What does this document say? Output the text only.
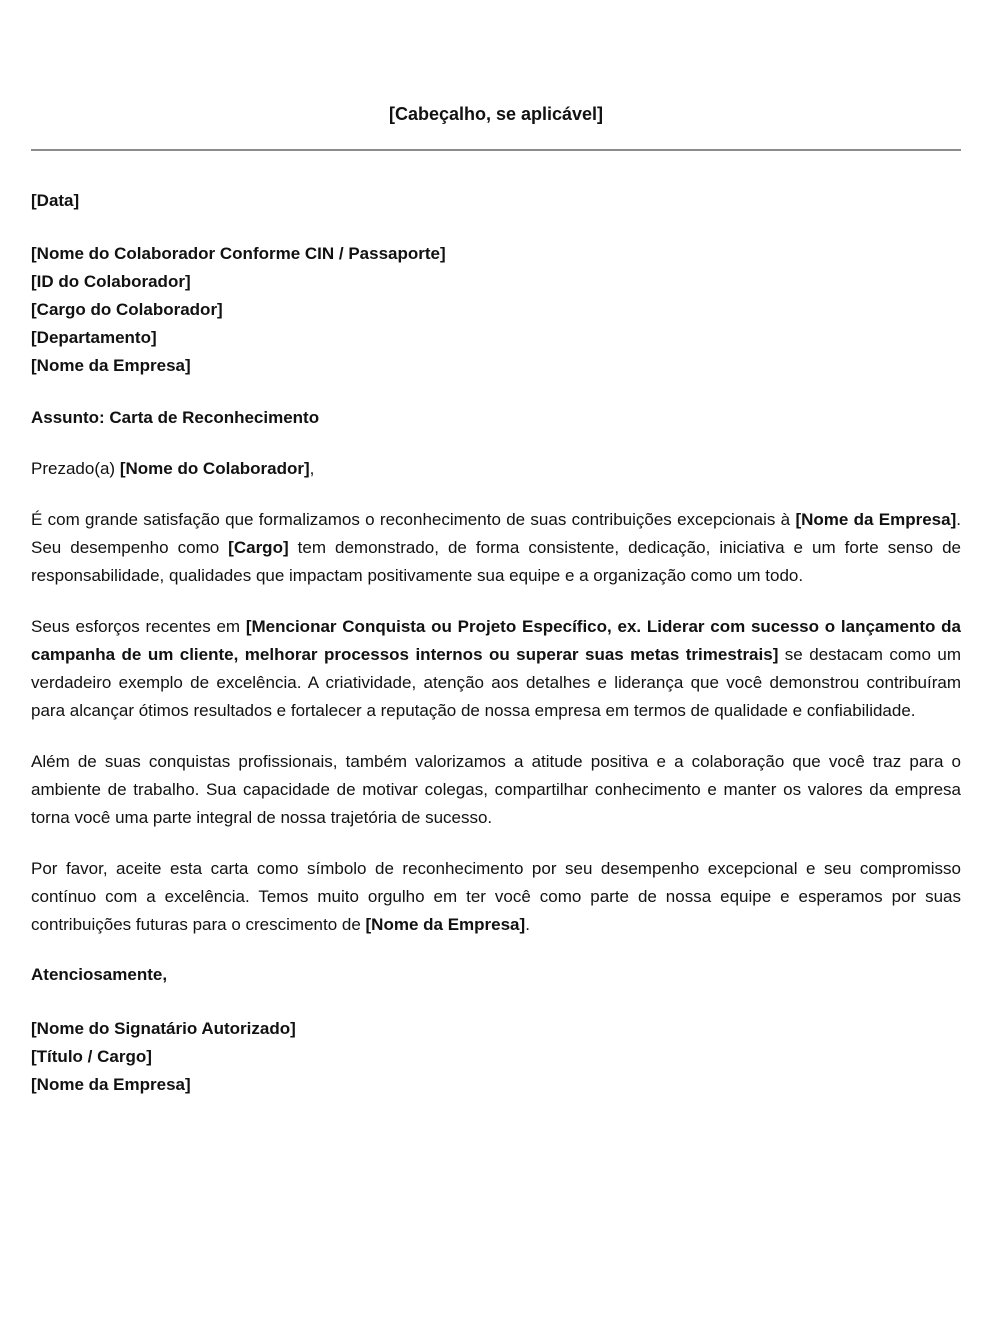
[Cabeçalho, se aplicável]
[Data]
[Nome do Colaborador Conforme CIN / Passaporte]
[ID do Colaborador]
[Cargo do Colaborador]
[Departamento]
[Nome da Empresa]
Assunto: Carta de Reconhecimento

Prezado(a) [Nome do Colaborador],

É com grande satisfação que formalizamos o reconhecimento de suas contribuições excepcionais à [Nome da Empresa]. Seu desempenho como [Cargo] tem demonstrado, de forma consistente, dedicação, iniciativa e um forte senso de responsabilidade, qualidades que impactam positivamente sua equipe e a organização como um todo.

Seus esforços recentes em [Mencionar Conquista ou Projeto Específico, ex. Liderar com sucesso o lançamento da campanha de um cliente, melhorar processos internos ou superar suas metas trimestrais] se destacam como um verdadeiro exemplo de excelência. A criatividade, atenção aos detalhes e liderança que você demonstrou contribuíram para alcançar ótimos resultados e fortalecer a reputação de nossa empresa em termos de qualidade e confiabilidade.

Além de suas conquistas profissionais, também valorizamos a atitude positiva e a colaboração que você traz para o ambiente de trabalho. Sua capacidade de motivar colegas, compartilhar conhecimento e manter os valores da empresa torna você uma parte integral de nossa trajetória de sucesso.

Por favor, aceite esta carta como símbolo de reconhecimento por seu desempenho excepcional e seu compromisso contínuo com a excelência. Temos muito orgulho em ter você como parte de nossa equipe e esperamos por suas contribuições futuras para o crescimento de [Nome da Empresa].

Atenciosamente,
[Nome do Signatário Autorizado]
[Título / Cargo]
[Nome da Empresa]
